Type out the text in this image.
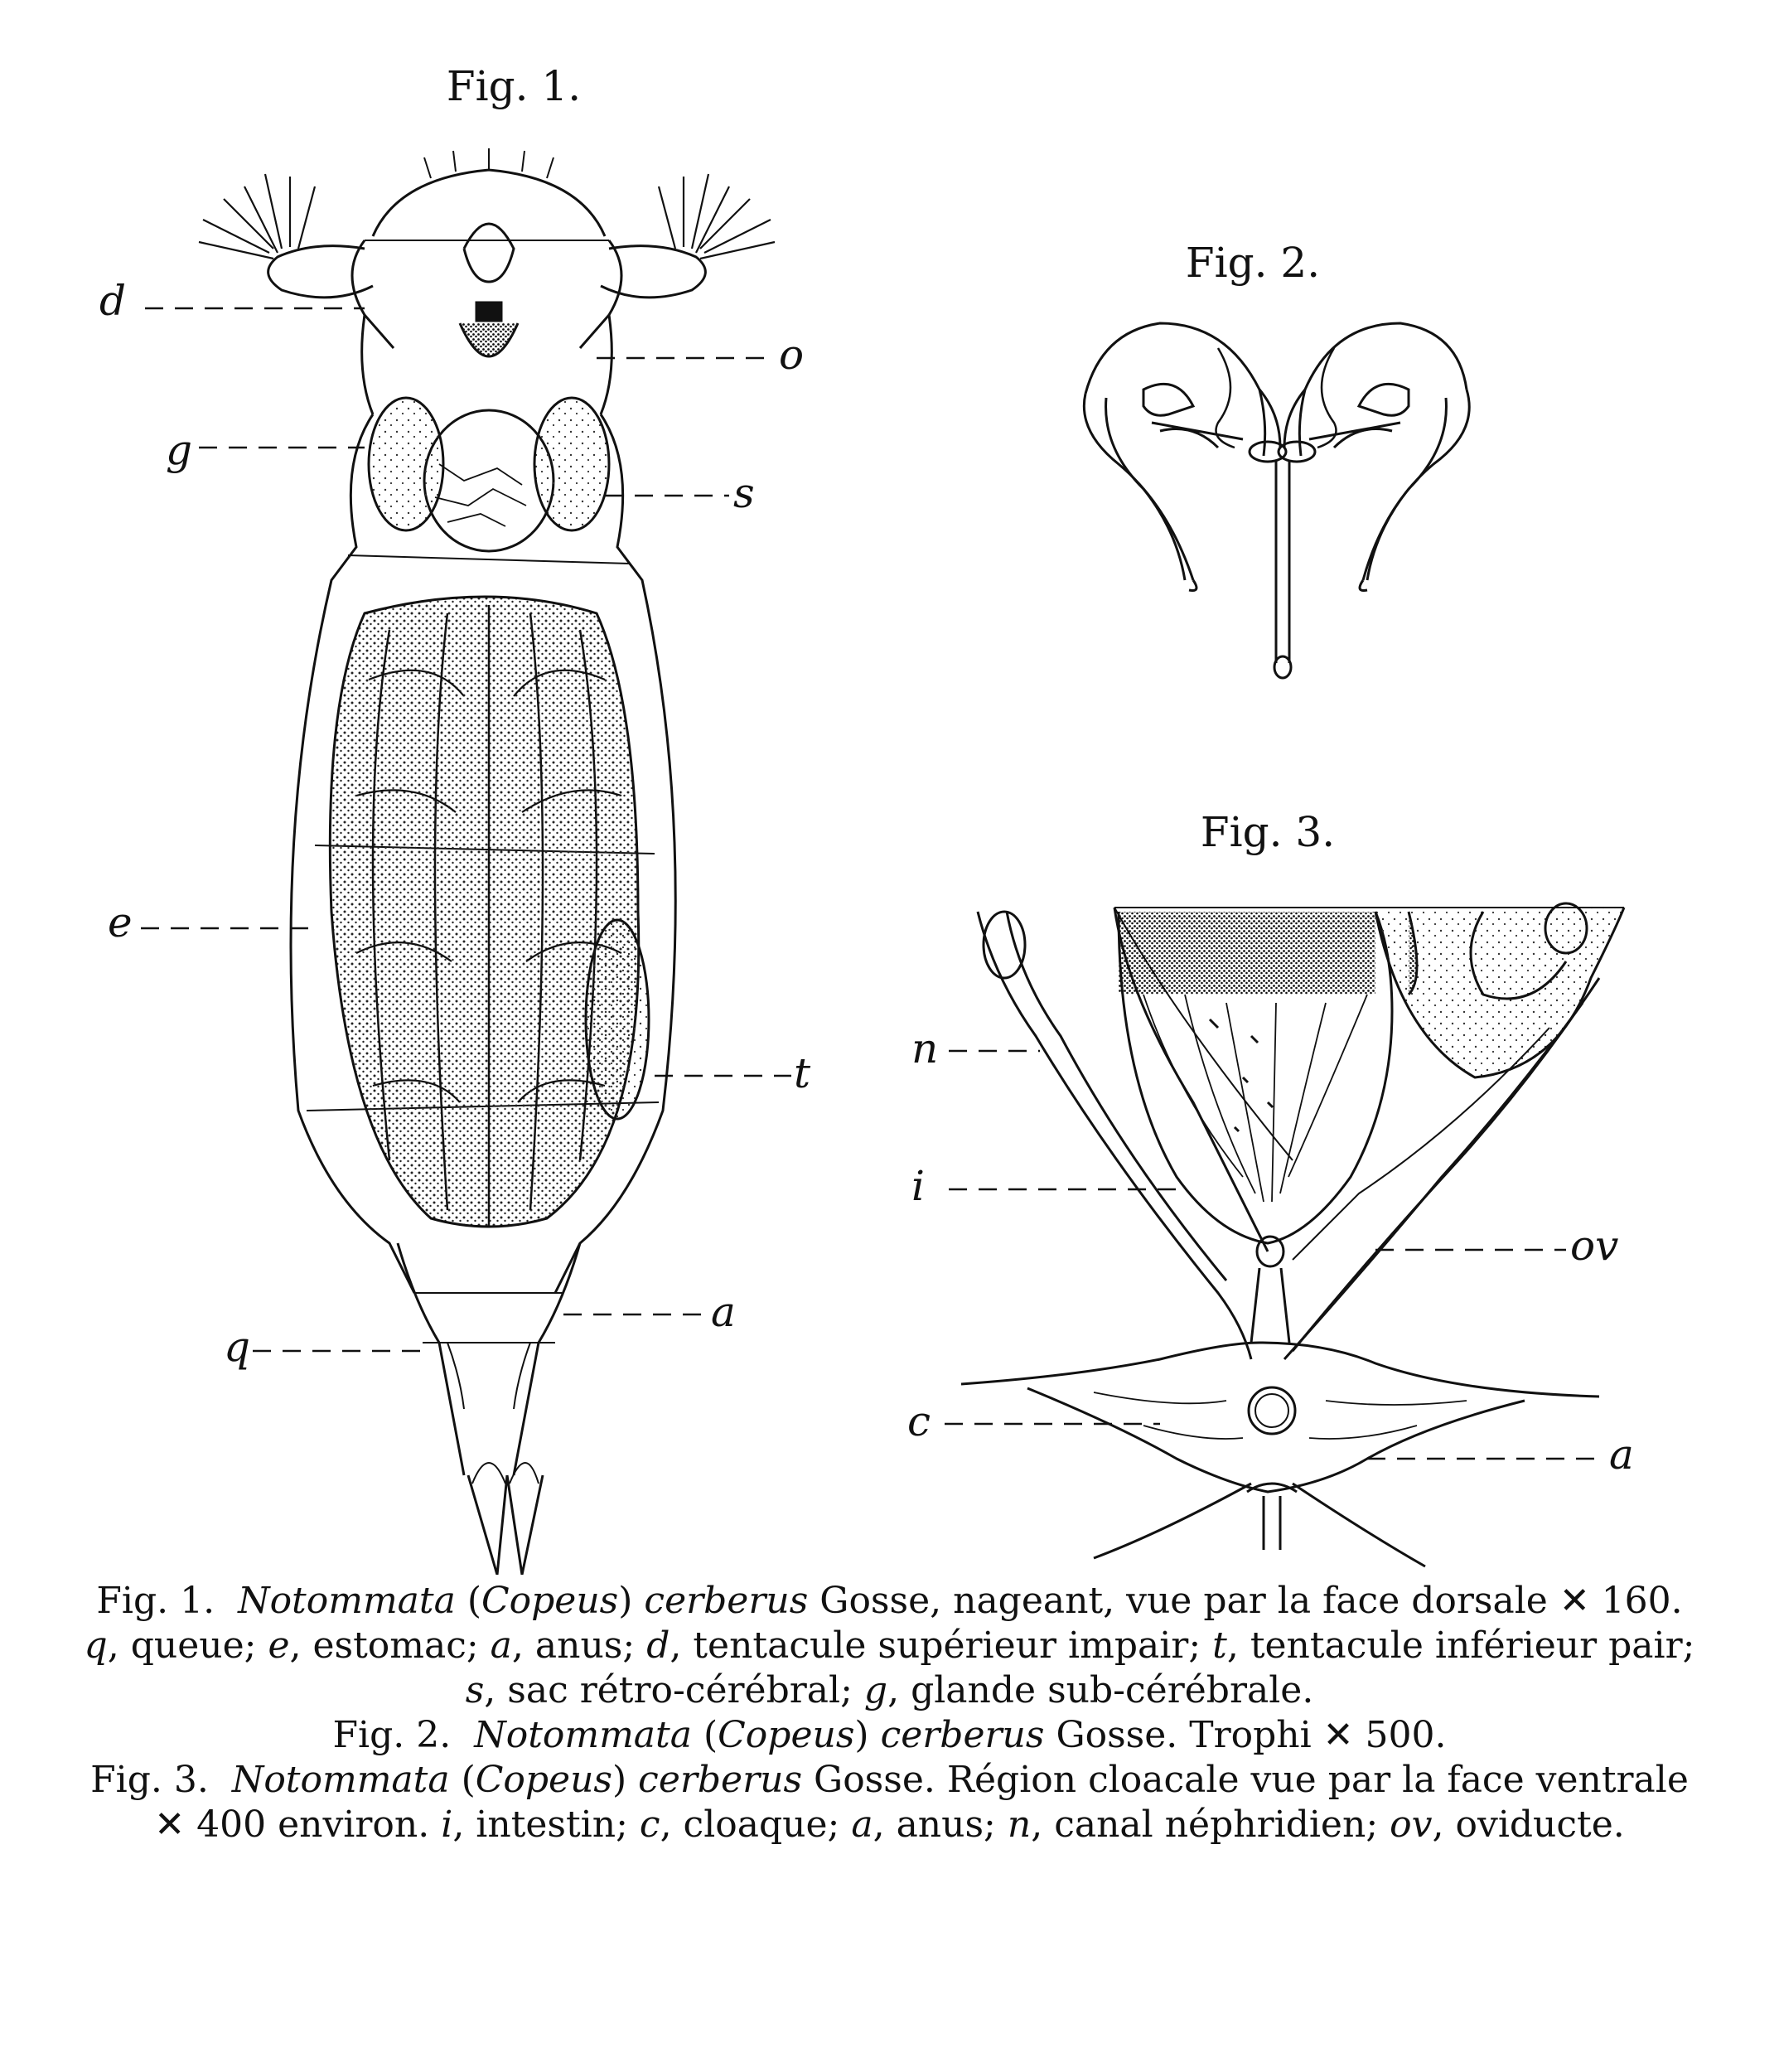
Fig. 1.
Fig. 2.
Fig. 3.
d
o
g
s
e
t
a
q
n
i
ov
c
a

Fig. 1. Notommata (Copeus) cerberus Gosse, nageant, vue par la face dorsale ✕ 160.

q, queue; e, estomac; a, anus; d, tentacule supérieur impair; t, tentacule inférieur pair; s, sac rétro-cérébral; g, glande sub-cérébrale.

Fig. 2. Notommata (Copeus) cerberus Gosse. Trophi ✕ 500.

Fig. 3. Notommata (Copeus) cerberus Gosse. Région cloacale vue par la face ventrale ✕ 400 environ. i, intestin; c, cloaque; a, anus; n, canal néphridien; ov, oviducte.
